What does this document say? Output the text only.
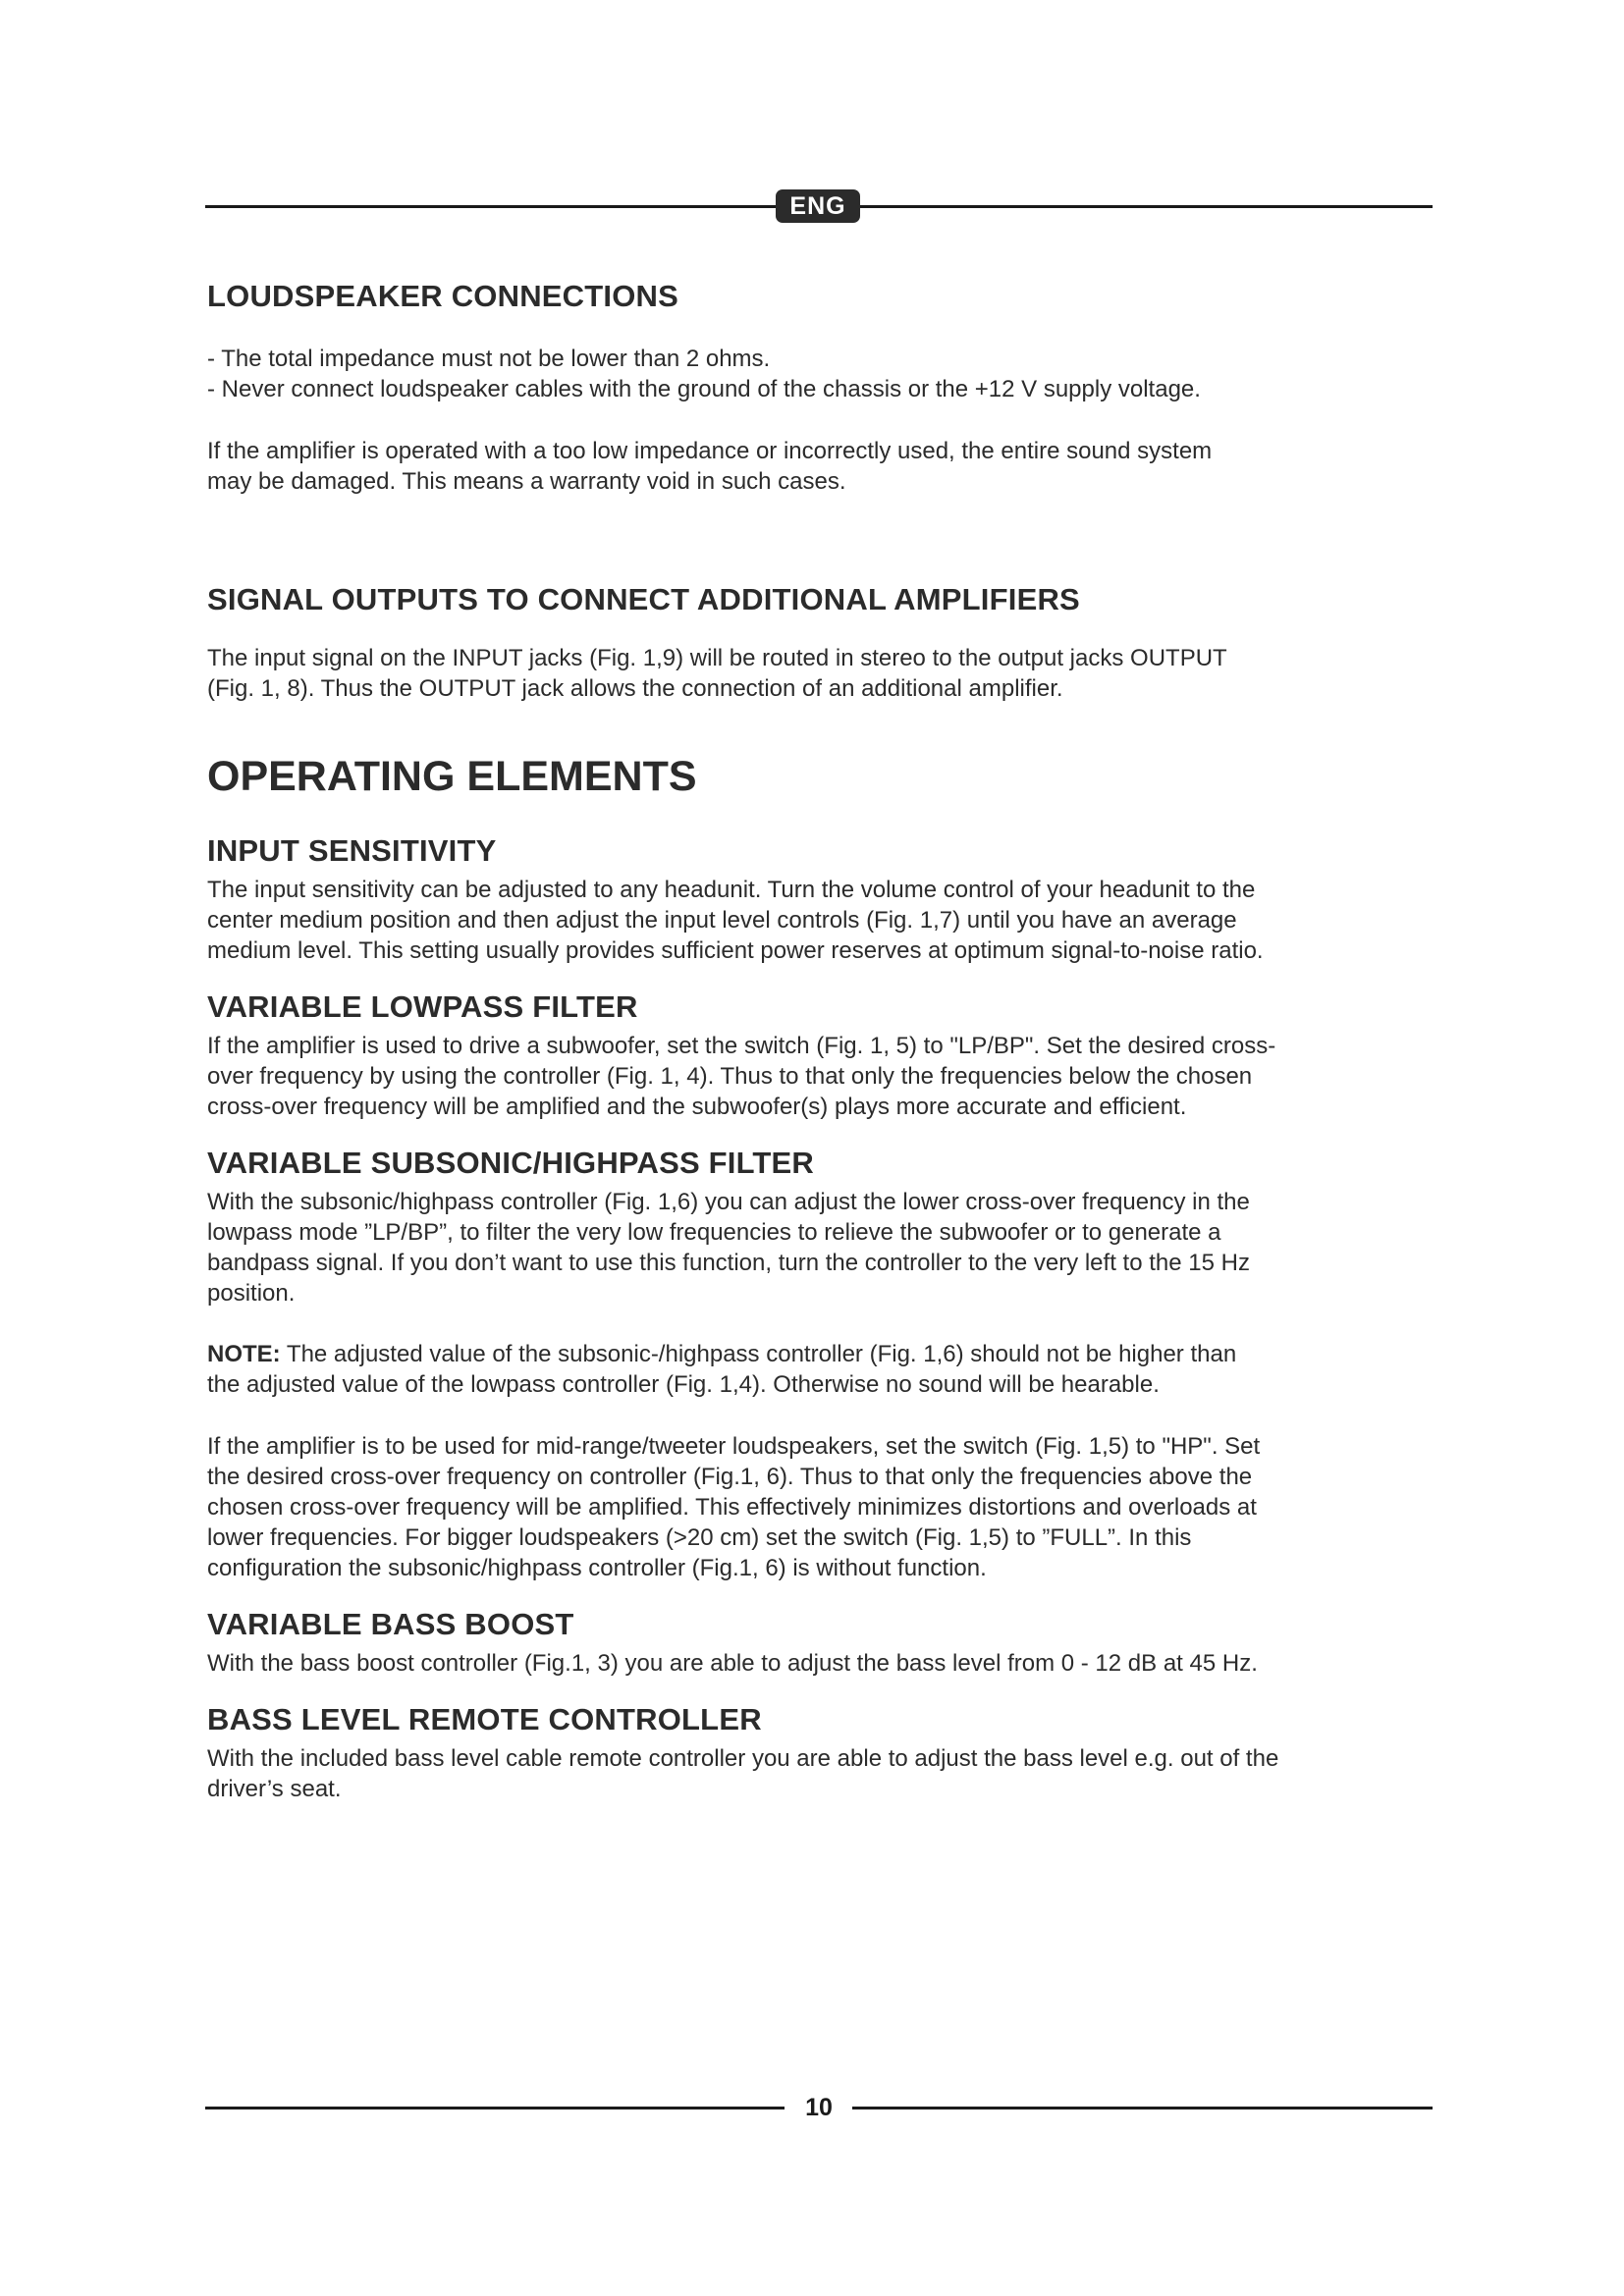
ENG
LOUDSPEAKER CONNECTIONS

- The total impedance must not be lower than 2 ohms.
- Never connect loudspeaker cables with the ground of the chassis or the +12 V supply voltage.

If the amplifier is operated with a too low impedance or incorrectly used, the entire sound system
may be damaged. This means a warranty void in such cases.

SIGNAL OUTPUTS TO CONNECT ADDITIONAL AMPLIFIERS

The input signal on the INPUT jacks (Fig. 1,9) will be routed in stereo to the output jacks OUTPUT
(Fig. 1, 8). Thus the OUTPUT jack allows the connection of an additional amplifier.

OPERATING ELEMENTS
INPUT SENSITIVITY

The input sensitivity can be adjusted to any headunit. Turn the volume control of your headunit to the
center medium position and then adjust the input level controls (Fig. 1,7) until you have an average
medium level. This setting usually provides sufficient power reserves at optimum signal-to-noise ratio.

VARIABLE LOWPASS FILTER

If the amplifier is used to drive a subwoofer, set the switch (Fig. 1, 5) to "LP/BP". Set the desired cross-
over frequency by using the controller (Fig. 1, 4). Thus to that only the frequencies below the chosen
cross-over frequency will be amplified and the subwoofer(s) plays more accurate and efficient.

VARIABLE SUBSONIC/HIGHPASS FILTER

With the subsonic/highpass controller (Fig. 1,6) you can adjust the lower cross-over frequency in the
lowpass mode ”LP/BP”, to filter the very low frequencies to relieve the subwoofer or to generate a
bandpass signal. If you don’t want to use this function, turn the controller to the very left to the 15 Hz
position.

NOTE: The adjusted value of the subsonic-/highpass controller (Fig. 1,6) should not be higher than
the adjusted value of the lowpass controller (Fig. 1,4). Otherwise no sound will be hearable.

If the amplifier is to be used for mid-range/tweeter loudspeakers, set the switch (Fig. 1,5) to "HP". Set
the desired cross-over frequency on controller (Fig.1, 6). Thus to that only the frequencies above the
chosen cross-over frequency will be amplified. This effectively minimizes distortions and overloads at
lower frequencies. For bigger loudspeakers (>20 cm) set the switch (Fig. 1,5) to ”FULL”. In this
configuration the subsonic/highpass controller (Fig.1, 6) is without function.

VARIABLE BASS BOOST

With the bass boost controller (Fig.1, 3) you are able to adjust the bass level from 0 - 12 dB at 45 Hz.

BASS LEVEL REMOTE CONTROLLER

With the included bass level cable remote controller you are able to adjust the bass level e.g. out of the
driver’s seat.

10
